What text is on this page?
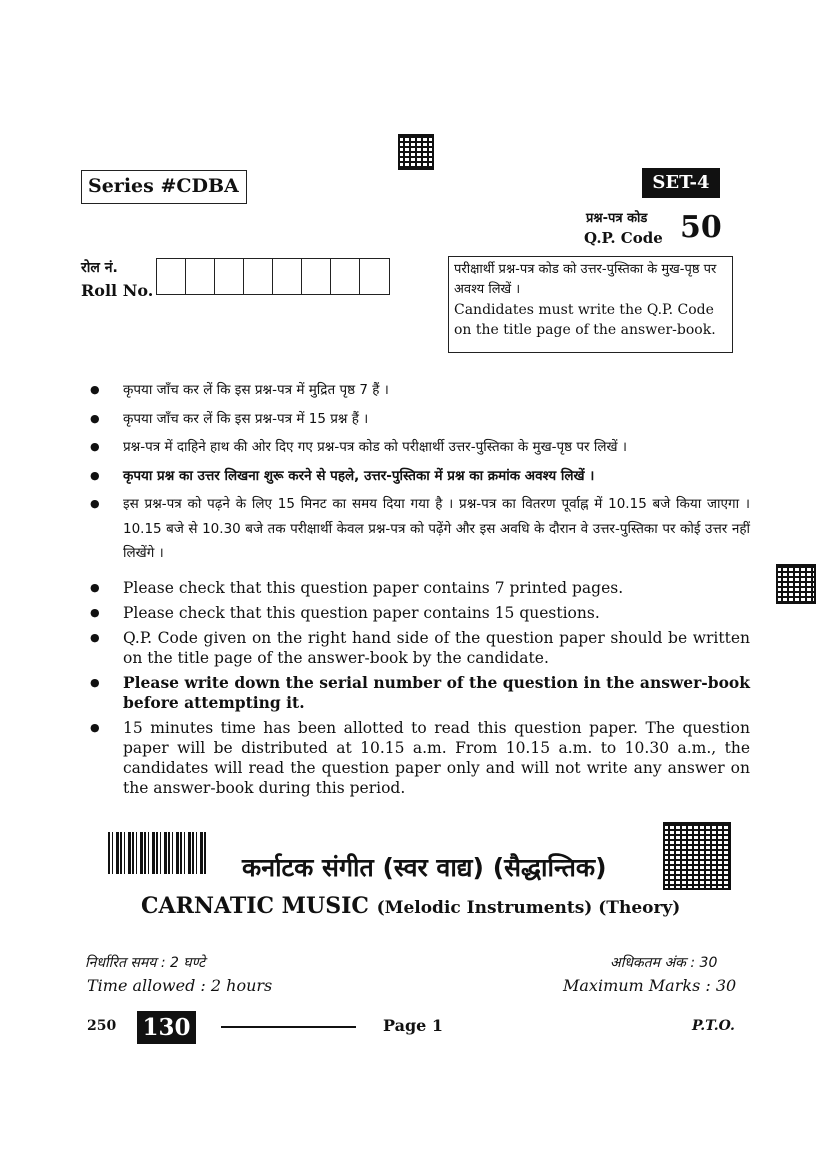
Series #CDBA	SET-4
प्रश्न-पत्र कोड
Q.P. Code 50
रोल नं.
Roll No.
परीक्षार्थी प्रश्न-पत्र कोड को उत्तर-पुस्तिका के मुख-पृष्ठ पर अवश्य लिखें ।
Candidates must write the Q.P. Code on the title page of the answer-book.
● कृपया जाँच कर लें कि इस प्रश्न-पत्र में मुद्रित पृष्ठ 7 हैं ।
● कृपया जाँच कर लें कि इस प्रश्न-पत्र में 15 प्रश्न हैं ।
● प्रश्न-पत्र में दाहिने हाथ की ओर दिए गए प्रश्न-पत्र कोड को परीक्षार्थी उत्तर-पुस्तिका के मुख-पृष्ठ पर लिखें ।
● कृपया प्रश्न का उत्तर लिखना शुरू करने से पहले, उत्तर-पुस्तिका में प्रश्न का क्रमांक अवश्य लिखें ।
● इस प्रश्न-पत्र को पढ़ने के लिए 15 मिनट का समय दिया गया है । प्रश्न-पत्र का वितरण पूर्वाह्न में 10.15 बजे किया जाएगा । 10.15 बजे से 10.30 बजे तक परीक्षार्थी केवल प्रश्न-पत्र को पढ़ेंगे और इस अवधि के दौरान वे उत्तर-पुस्तिका पर कोई उत्तर नहीं लिखेंगे ।
● Please check that this question paper contains 7 printed pages.
● Please check that this question paper contains 15 questions.
● Q.P. Code given on the right hand side of the question paper should be written on the title page of the answer-book by the candidate.
● Please write down the serial number of the question in the answer-book before attempting it.
● 15 minutes time has been allotted to read this question paper. The question paper will be distributed at 10.15 a.m. From 10.15 a.m. to 10.30 a.m., the candidates will read the question paper only and will not write any answer on the answer-book during this period.
कर्नाटक संगीत (स्वर वाद्य) (सैद्धान्तिक)
CARNATIC MUSIC (Melodic Instruments) (Theory)
निर्धारित समय : 2 घण्टे
Time allowed : 2 hours
अधिकतम अंक : 30
Maximum Marks : 30
250 130	Page 1	P.T.O.
